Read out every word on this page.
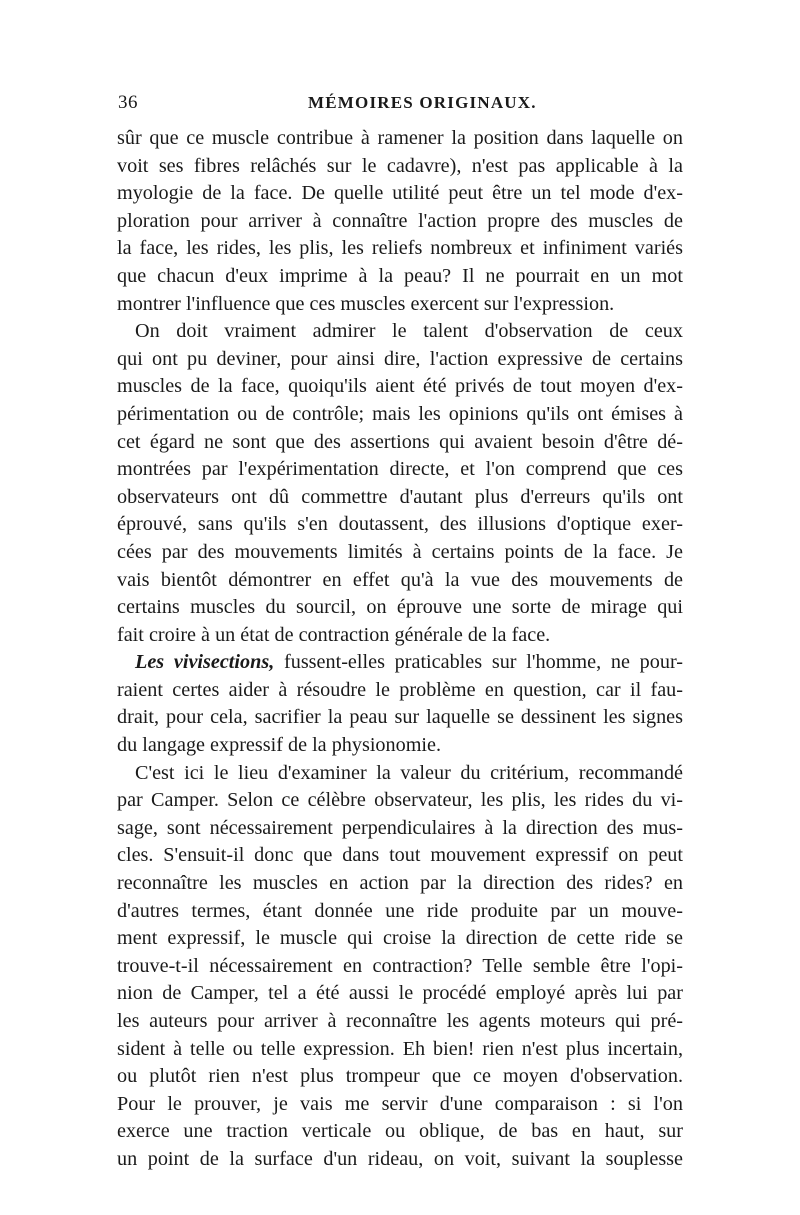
36	MÉMOIRES ORIGINAUX.
sûr que ce muscle contribue à ramener la position dans laquelle on
voit ses fibres relâchés sur le cadavre), n'est pas applicable à la
myologie de la face. De quelle utilité peut être un tel mode d'ex-
ploration pour arriver à connaître l'action propre des muscles de
la face, les rides, les plis, les reliefs nombreux et infiniment variés
que chacun d'eux imprime à la peau? Il ne pourrait en un mot
montrer l'influence que ces muscles exercent sur l'expression.
On doit vraiment admirer le talent d'observation de ceux
qui ont pu deviner, pour ainsi dire, l'action expressive de certains
muscles de la face, quoiqu'ils aient été privés de tout moyen d'ex-
périmentation ou de contrôle; mais les opinions qu'ils ont émises à
cet égard ne sont que des assertions qui avaient besoin d'être dé-
montrées par l'expérimentation directe, et l'on comprend que ces
observateurs ont dû commettre d'autant plus d'erreurs qu'ils ont
éprouvé, sans qu'ils s'en doutassent, des illusions d'optique exer-
cées par des mouvements limités à certains points de la face. Je
vais bientôt démontrer en effet qu'à la vue des mouvements de
certains muscles du sourcil, on éprouve une sorte de mirage qui
fait croire à un état de contraction générale de la face.
Les vivisections, fussent-elles praticables sur l'homme, ne pour-
raient certes aider à résoudre le problème en question, car il fau-
drait, pour cela, sacrifier la peau sur laquelle se dessinent les signes
du langage expressif de la physionomie.
C'est ici le lieu d'examiner la valeur du critérium, recommandé
par Camper. Selon ce célèbre observateur, les plis, les rides du vi-
sage, sont nécessairement perpendiculaires à la direction des mus-
cles. S'ensuit-il donc que dans tout mouvement expressif on peut
reconnaître les muscles en action par la direction des rides? en
d'autres termes, étant donnée une ride produite par un mouve-
ment expressif, le muscle qui croise la direction de cette ride se
trouve-t-il nécessairement en contraction? Telle semble être l'opi-
nion de Camper, tel a été aussi le procédé employé après lui par
les auteurs pour arriver à reconnaître les agents moteurs qui pré-
sident à telle ou telle expression. Eh bien! rien n'est plus incertain,
ou plutôt rien n'est plus trompeur que ce moyen d'observation.
Pour le prouver, je vais me servir d'une comparaison : si l'on
exerce une traction verticale ou oblique, de bas en haut, sur
un point de la surface d'un rideau, on voit, suivant la souplesse
